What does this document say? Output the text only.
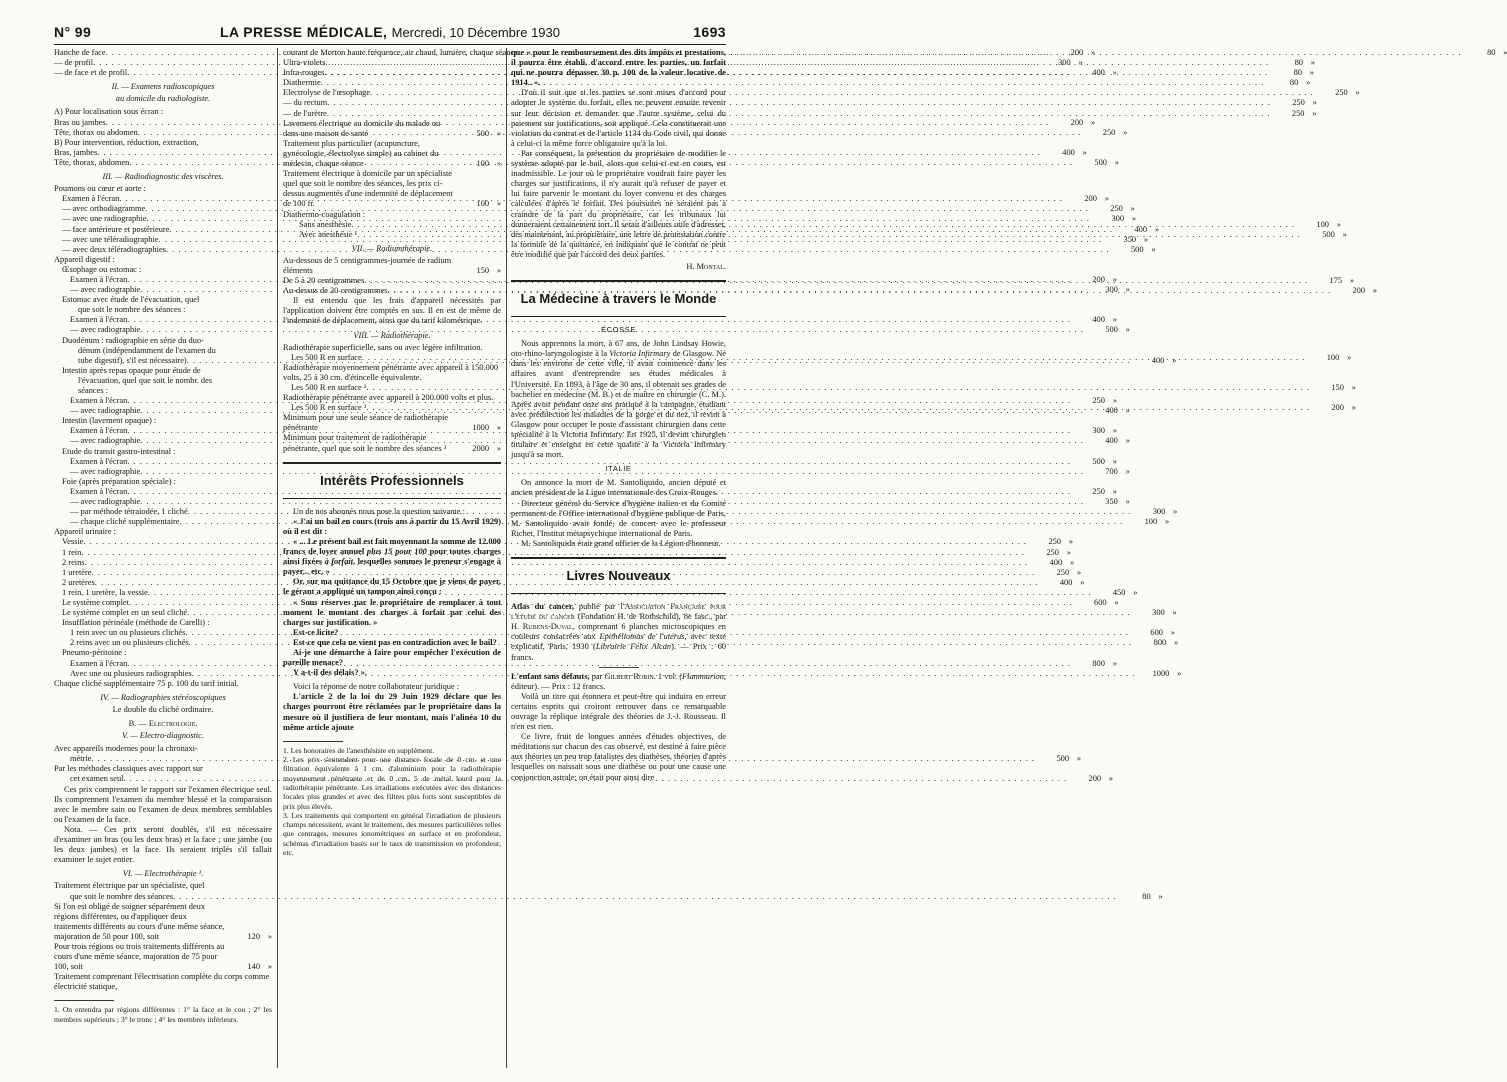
N° 99	LA PRESSE MÉDICALE, Mercredi, 10 Décembre 1930	1693
Hanche de face . . .	200 »
— de profil . . .	300 »
— de face et de profil . . .	400 »
II. — Examens radioscopiques
au domicile du radiologiste.
A) Pour localisation sous écran :
Bras ou jambes . . .	200 »
Tête, thorax ou abdomen . . .	250 »
B) Pour intervention, réduction, extraction,
Bras, jambes . . .	400 »
Tête, thorax, abdomen . . .	500 »
III. — Radiodiagnostic des viscères.
Poumons ou cœur et aorte :
Examen à l'écran . . .	200 »
— avec orthodiagramme . . .	250 »
— avec une radiographie . . .	300 »
— face antérieure et postérieure . . .	400 »
— avec une téléradiographie . . .	350 »
— avec deux téléradiographies . . .	500 »
Appareil digestif :
Œsophage ou estomac :
Examen à l'écran . . .	200 »
— avec radiographie . . .	300 »
Estomac avec étude de l'évacuation, quel
que soit le nombre des séances :
Examen à l'écran . . .	400 »
— avec radiographie . . .	500 »
Duodénum : radiographie en série du duo-
dénum (indépendamment de l'examen du
tube digestif), s'il est nécessaire) . . .	400 »
Intestin après repas opaque pour étude de
l'évacuation, quel que soit le nombr. des
séances :
Examen à l'écran . . .	250 »
— avec radiographie . . .	400 »
Intestin (lavement opaque) :
Examen à l'écran . . .	300 »
— avec radiographie . . .	400 »
Etude du transit gastro-intestinal :
Examen à l'écran . . .	500 »
— avec radiographie . . .	700 »
Foie (après préparation spéciale) :
Examen à l'écran . . .	250 »
— avec radiographie . . .	350 »
— par méthode tétraiodée, 1 cliché . . .	300 »
— chaque cliché supplémentaire . . .	100 »
Appareil urinaire :
Vessie . . .	250 »
1 rein . . .	250 »
2 reins . . .	400 »
1 uretère . . .	250 »
2 uretères . . .	400 »
1 rein, 1 uretère, la vessie . . .	450 »
Le système complet . . .	600 »
Le système complet en un seul cliché . . .	300 »
Insufflation périnéale (méthode de Carelli) :
1 rein avec un ou plusieurs clichés . . .	600 »
2 reins avec un ou plusieurs clichés . . .	800 »
Pneumo-péritoine :
Examen à l'écran . . .	800 »
Avec une ou plusieurs radiographies . . .	1000 »
Chaque cliché supplémentaire 75 p. 100 du tarif initial.
IV. — Radiographies stéréoscopiques
Le double du cliché ordinaire.
B. — Electrologie.
V. — Electro-diagnostic.
Avec appareils modernes pour la chronaxi-
métrie . . .	500 »
Par les méthodes classiques avec rapport sur
cet examen seul . . .	200 »
Ces prix comprennent le rapport sur l'examen électrique seul. Ils comprennent l'examen du membre blessé et la comparaison avec le membre sain ou l'examen de deux membres semblables ou l'examen de la face.
Nota. — Ces prix seront doublés, s'il est nécessaire d'examiner un bras (ou les deux bras) et la face ; une jambe (ou les deux jambes) et la face. Ils seraient triplés s'il fallait examiner le sujet entier.
VI. — Electrothérapie ¹.
Traitement électrique par un spécialiste, quel
que soit le nombre des séances . . .	80 »
Si l'on est obligé de soigner séparément deux régions différentes, ou d'appliquer deux traitements différents au cours d'une même séance, majoration de 50 pour 100, soit	120 »
Pour trois régions ou trois traitements différents au cours d'une même séance, majoration de 75 pour 100, soit	140 »
Traitement comprenant l'électrisation complète du corps comme électricité statique,
1. On entendra par régions différentes : 1° la face et le cou ; 2° les membres supérieurs ; 3° le tronc ; 4° les membres inférieurs.
courant de Morton haute fréquence, air chaud, lumière, chaque séance . . .	80
Ultra-violets . . .	80 »
Infra-rouges . . .	80 »
Diathermie . . .	80 »
Electrolyse de l'œsophage . . .	250 »
— du rectum . . .	250 »
— de l'urètre . . .	250 »
Lavement électrique au domicile du malade ou dans une maison de santé	500 »
Traitement plus particulier (acupuncture, gynécologie, électrolyse simple) au cabinet du médecin, chaque séance	100 »
Traitement électrique à domicile par un spécialiste quel que soit le nombre des séances, les prix ci-dessus augmentés d'une indemnité de déplacement de 100 fr.	100 »
Diathermo-coagulation :
Sans anesthésie . . .	100 »
Avec anesthésie ¹ . . .	500 »
VII. — Radiumthérapie.
Au-dessous de 5 centigrammes-journée de radium éléments	150 »
De 5 à 20 centigrammes . . .	175 »
Au-dessus de 20 centigrammes . . .	200 »
Il est entendu que les frais d'appareil nécessités par l'application doivent être comptés en sus. Il en est de même de l'indemnité de déplacement, ainsi que du tarif kilométrique.
VIII. — Radiothérapie.
Radiothérapie superficielle, sans ou avec légère infiltration.
Les 500 R en surface . . .	100 »
Radiothérapie moyennement pénétrante avec appareil à 150.000 volts, 25 à 30 cm. d'étincelle équivalente.
Les 500 R en surface ² . . .	150 »
Radiothérapie pénétrante avec appareil à 200.000 volts et plus.
Les 500 R en surface ³ . . .	200 »
Minimum pour une seule séance de radiothérapie pénétrante	1000 »
Minimum pour traitement de radiothérapie pénétrante, quel que soit le nombre des séances ³	2000 »
Intérêts Professionnels
Un de nos abonnés nous pose la question suivante :
« J'ai un bail en cours (trois ans à partir du 15 Avril 1929) où il est dit :
« ... Le présent bail est fait moyennant la somme de 12.000 francs de loyer annuel plus 15 pour 100 pour toutes charges ainsi fixées à forfait, lesquelles sommes le preneur s'engage à payer... etc. »
Or, sur ma quittance du 15 Octobre que je viens de payer, le gérant a appliqué un tampon ainsi conçu :
« Sous réserves par le propriétaire de remplacer à tout moment le montant des charges à forfait par celui des charges sur justification. »
Est-ce licite?
Est-ce que cela ne vient pas en contradiction avec le bail?
Ai-je une démarche à faire pour empêcher l'exécution de pareille menace?
Y a-t-il des délais? ».
Voici la réponse de notre collaborateur juridique :
L'article 2 de la loi du 29 Juin 1929 déclare que les charges pourront être réclamées par le propriétaire dans la mesure où il justifiera de leur montant, mais l'alinéa 10 du même article ajoute
1. Les honoraires de l'anesthésiste en supplément.
2. Les prix s'entendent pour une distance focale de 0 cm. et une filtration équivalente à 1 cm. d'aluminium pour la radiothérapie moyennement pénétrante et de 0 cm. 5 de métal lourd pour la radiothérapie pénétrante. Les irradiations exécutées avec des distances focales plus grandes et avec des filtres plus forts sont susceptibles de prix plus élevés.
3. Les traitements qui comportent en général l'irradiation de plusieurs champs nécessitent, avant le traitement, des mesures particulières telles que centrages, mesures ionométriques en surface et en profondeur, schémas d'irradiation basés sur le taux de transmission en profondeur, etc.
que « pour le remboursement des dits impôts et prestations, il pourra être établi, d'accord entre les parties, un forfait qui ne pourra dépasser 30 p. 100 de la valeur locative de 1914.. ».
D'où il suit que si les parties se sont mises d'accord pour adopter le système du forfait, elles ne peuvent ensuite revenir sur leur décision et demander que l'autre système, celui du paiement sur justifications, soit appliqué. Cela constituerait une violation du contrat et de l'article 1134 du Code civil, qui donne à celui-ci la même force obligatoire qu'à la loi.
Par conséquent, la prétention du propriétaire de modifier le système adopté par le bail, alors que celui-ci est en cours, est inadmissible. Le jour où le propriétaire voudrait faire payer les charges sur justifications, il n'y aurait qu'à refuser de payer et lui faire parvenir le montant du loyer convenu et des charges calculées d'après le forfait. Des poursuites ne seraient pas à craindre de la part du propriétaire, car les tribunaux lui donneraient certainement tort. Il serait d'ailleurs utile d'adresser, dès maintenant, au propriétaire, une lettre de protestation contre la formule de la quittance, en indiquant que le contrat ne peut être modifié que par l'accord des deux parties.
H. Montal.
La Médecine à travers le Monde
ÉCOSSE
Nous apprenons la mort, à 67 ans, de John Lindsay Howie, oto-rhino-laryngologiste à la Victoria Infirmary de Glasgow. Né dans les environs de cette ville, il avait commencé dans les affaires avant d'entreprendre ses études médicales à l'Université. En 1893, à l'âge de 30 ans, il obtenait ses grades de bachelier en médecine (M. B.) et de maître en chirurgie (C. M.). Après avoir pendant onze ans pratiqué à la campagne, étudiant avec prédilection les maladies de la gorge et du nez, il revint à Glasgow pour occuper le poste d'assistant chirurgien dans cette spécialité à la Victoria Infirmary. En 1925, il devint chirurgien titulaire et enseigna en cette qualité à la Victoria Infirmary jusqu'à sa mort.
ITALIE
On annonce la mort de M. Santoliquido, ancien député et ancien président de la Ligue internationale des Croix-Rouges.
Directeur général du Service d'hygiène italien et du Comité permanent de l'Office international d'hygiène publique de Paris, M. Santoliquido avait fondé, de concert avec le professeur Richet, l'Institut métapsychique international de Paris.
M. Santoliquido était grand officier de la Légion d'honneur.
Livres Nouveaux
Atlas du cancer, publié par l'Association Française pour l'étude du cancer (Fondation H. de Rothschild), 8e fasc., par H. Rubens-Duval, comprenant 6 planches microscopiques en couleurs consacrées aux Epithéliomas de l'utérus, avec texte explicatif, Paris, 1930 (Librairie Félix Alcan). — Prix : 60 francs.
L'enfant sans défauts, par Gilbert Robin. 1 vol. (Flammarion, éditeur). — Prix : 12 francs.
Voilà un titre qui étonnera et peut-être qui induira en erreur certains esprits qui croiront retrouver dans ce remarquable ouvrage la réplique intégrale des théories de J.-J. Rousseau. Il n'en est rien.
Ce livre, fruit de longues années d'études objectives, de méditations sur chacun des cas observé, est destiné à faire pièce aux théories un peu trop fatalistes des diathèses, théories d'après lesquelles on naissait sous une diathèse ou pour une cause une conjonction astrale; on était pour ainsi dire
